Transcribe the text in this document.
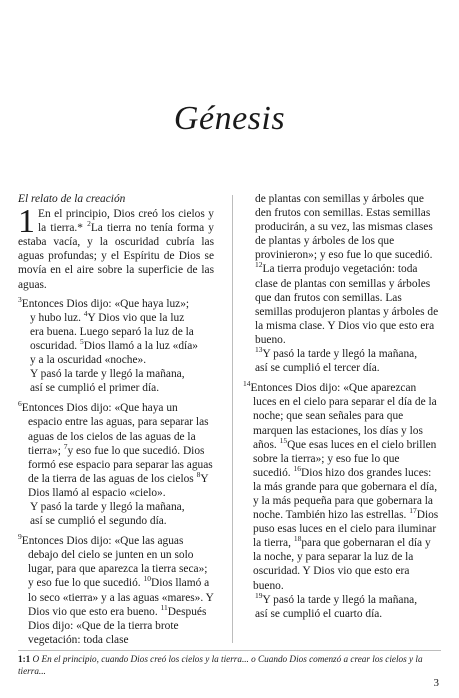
Génesis
El relato de la creación
1 En el principio, Dios creó los cielos y la tierra.* $^2$La tierra no tenía forma y estaba vacía, y la oscuridad cubría las aguas profundas; y el Espíritu de Dios se movía en el aire sobre la superficie de las aguas.
$^3$Entonces Dios dijo: «Que haya luz»;
y hubo luz. $^4$Y Dios vio que la luz
era buena. Luego separó la luz de la oscuridad. $^5$Dios llamó a la luz «día»
y a la oscuridad «noche».
Y pasó la tarde y llegó la mañana,
así se cumplió el primer día.
$^6$Entonces Dios dijo: «Que haya un espacio entre las aguas, para separar las aguas de los cielos de las aguas de la tierra»; $^7$y eso fue lo que sucedió. Dios formó ese espacio para separar las aguas de la tierra de las aguas de los cielos $^8$Y Dios llamó al espacio «cielo».
Y pasó la tarde y llegó la mañana,
así se cumplió el segundo día.
$^9$Entonces Dios dijo: «Que las aguas debajo del cielo se junten en un solo lugar, para que aparezca la tierra seca»; y eso fue lo que sucedió. $^{10}$Dios llamó a lo seco «tierra» y a las aguas «mares». Y Dios vio que esto era bueno. $^{11}$Después Dios dijo: «Que de la tierra brote vegetación: toda clase
de plantas con semillas y árboles que den frutos con semillas. Estas semillas producirán, a su vez, las mismas clases de plantas y árboles de los que provinieron»; y eso fue lo que sucedió. $^{12}$La tierra produjo vegetación: toda clase de plantas con semillas y árboles que dan frutos con semillas. Las semillas produjeron plantas y árboles de la misma clase. Y Dios vio que esto era bueno.
$^{13}$Y pasó la tarde y llegó la mañana,
así se cumplió el tercer día.
$^{14}$Entonces Dios dijo: «Que aparezcan luces en el cielo para separar el día de la noche; que sean señales para que marquen las estaciones, los días y los años. $^{15}$Que esas luces en el cielo brillen sobre la tierra»; y eso fue lo que sucedió. $^{16}$Dios hizo dos grandes luces: la más grande para que gobernara el día, y la más pequeña para que gobernara la noche. También hizo las estrellas. $^{17}$Dios puso esas luces en el cielo para iluminar la tierra, $^{18}$para que gobernaran el día y la noche, y para separar la luz de la oscuridad. Y Dios vio que esto era bueno.
$^{19}$Y pasó la tarde y llegó la mañana,
así se cumplió el cuarto día.
1:1 O En el principio, cuando Dios creó los cielos y la tierra... o Cuando Dios comenzó a crear los cielos y la tierra...
3
